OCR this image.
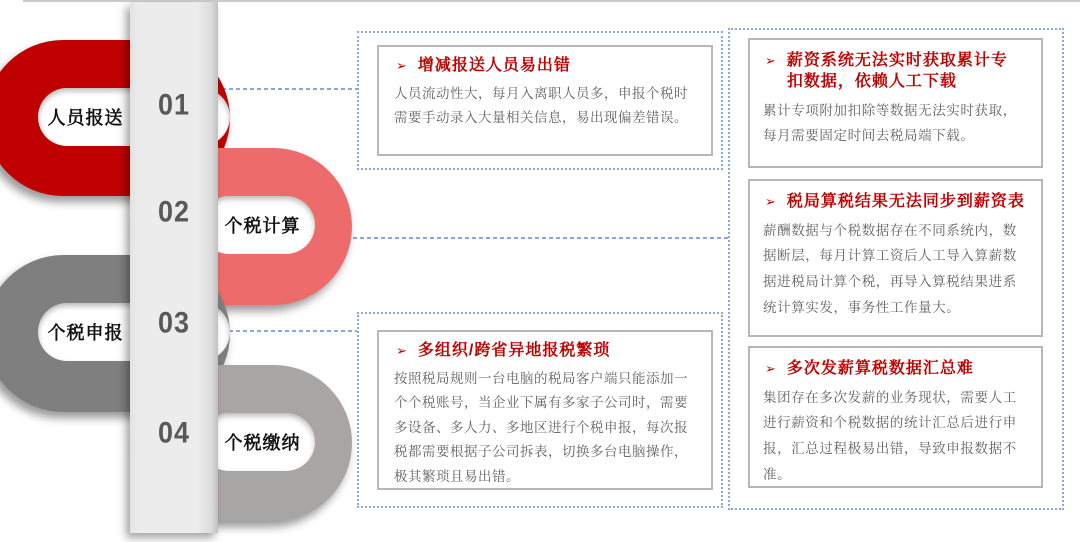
人员报送
个税计算
个税申报
个税缴纳
01
02
03
04
➢ 增减报送人员易出错
人员流动性大，每月入离职人员多，申报个税时需要手动录入大量相关信息，易出现偏差错误。
➢ 多组织/跨省异地报税繁琐
按照税局规则一台电脑的税局客户端只能添加一个个税账号，当企业下属有多家子公司时，需要多设备、多人力、多地区进行个税申报，每次报税都需要根据子公司拆表，切换多台电脑操作，极其繁琐且易出错。
➢ 薪资系统无法实时获取累计专扣数据，依赖人工下载
累计专项附加扣除等数据无法实时获取，每月需要固定时间去税局端下载。
➢ 税局算税结果无法同步到薪资表
薪酬数据与个税数据存在不同系统内，数据断层，每月计算工资后人工导入算薪数据进税局计算个税，再导入算税结果进系统计算实发，事务性工作量大。
➢ 多次发薪算税数据汇总难
集团存在多次发薪的业务现状，需要人工进行薪资和个税数据的统计汇总后进行申报，汇总过程极易出错，导致申报数据不准。
